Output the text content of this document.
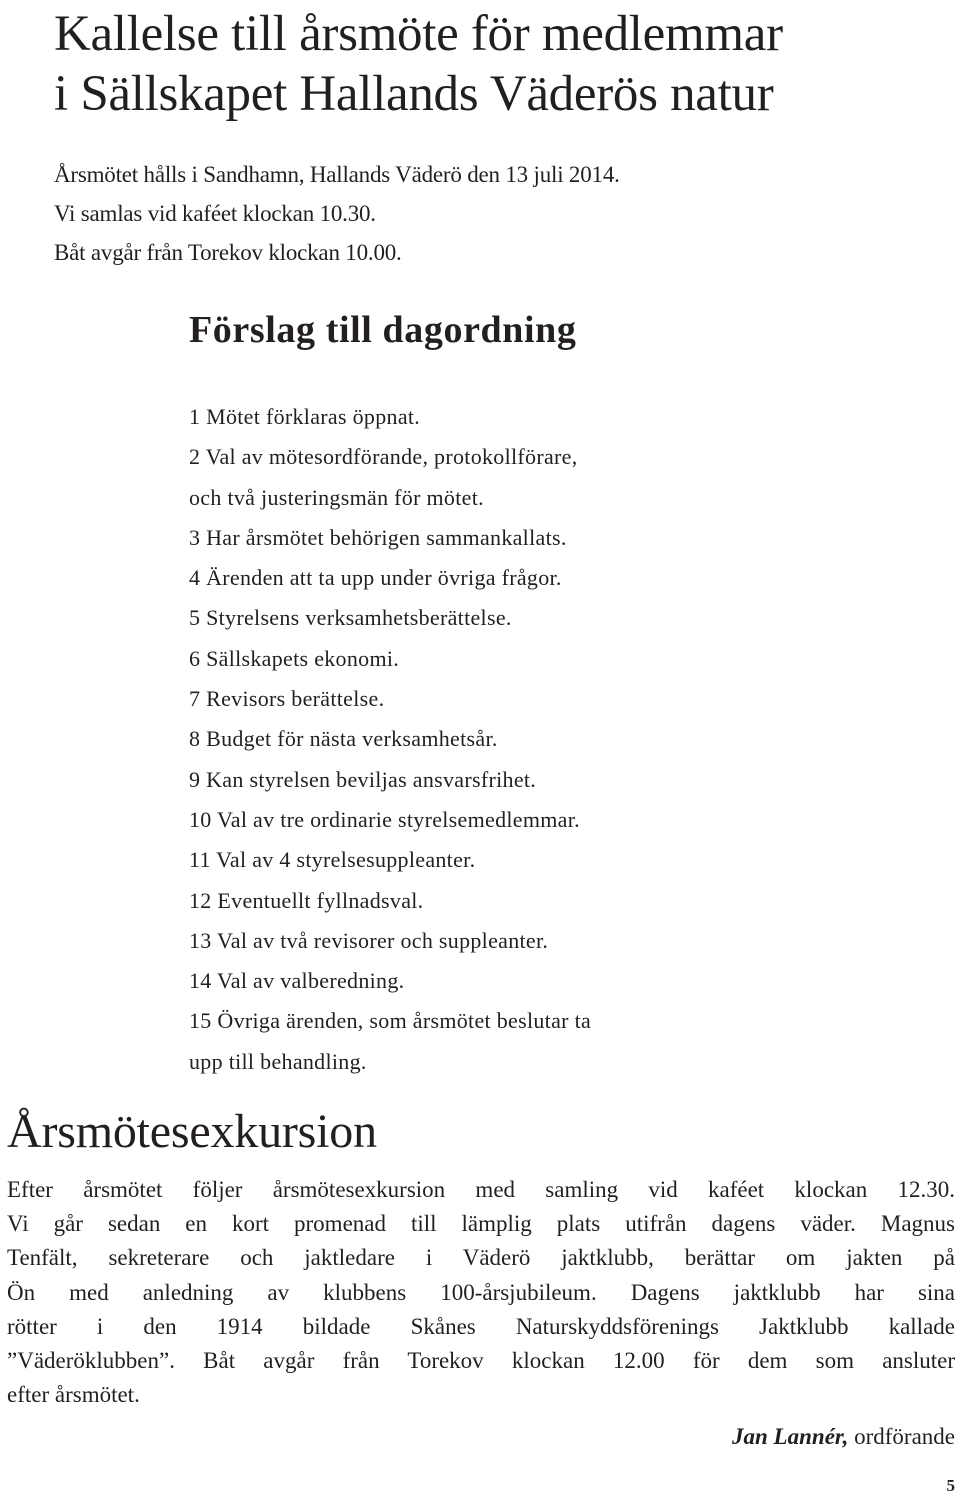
Kallelse till årsmöte för medlemmar
i Sällskapet Hallands Väderös natur
Årsmötet hålls i Sandhamn, Hallands Väderö den 13 juli 2014.
Vi samlas vid kaféet klockan 10.30.
Båt avgår från Torekov klockan 10.00.
Förslag till dagordning
1 Mötet förklaras öppnat.
2 Val av mötesordförande, protokollförare,
och två justeringsmän för mötet.
3 Har årsmötet behörigen sammankallats.
4 Ärenden att ta upp under övriga frågor.
5 Styrelsens verksamhetsberättelse.
6 Sällskapets ekonomi.
7 Revisors berättelse.
8 Budget för nästa verksamhetsår.
9 Kan styrelsen beviljas ansvarsfrihet.
10 Val av tre ordinarie styrelsemedlemmar.
11 Val av 4 styrelsesuppleanter.
12 Eventuellt fyllnadsval.
13 Val av två revisorer och suppleanter.
14 Val av valberedning.
15 Övriga ärenden, som årsmötet beslutar ta
upp till behandling.
Årsmötesexkursion
Efter årsmötet följer årsmötesexkursion med samling vid kaféet klockan 12.30.
Vi går sedan en kort promenad till lämplig plats utifrån dagens väder. Magnus
Tenfält, sekreterare och jaktledare i Väderö jaktklubb, berättar om jakten på
Ön med anledning av klubbens 100-årsjubileum. Dagens jaktklubb har sina
rötter i den 1914 bildade Skånes Naturskyddsförenings Jaktklubb kallade
”Väderöklubben”. Båt avgår från Torekov klockan 12.00 för dem som ansluter
efter årsmötet.
Jan Lannér, ordförande
5
